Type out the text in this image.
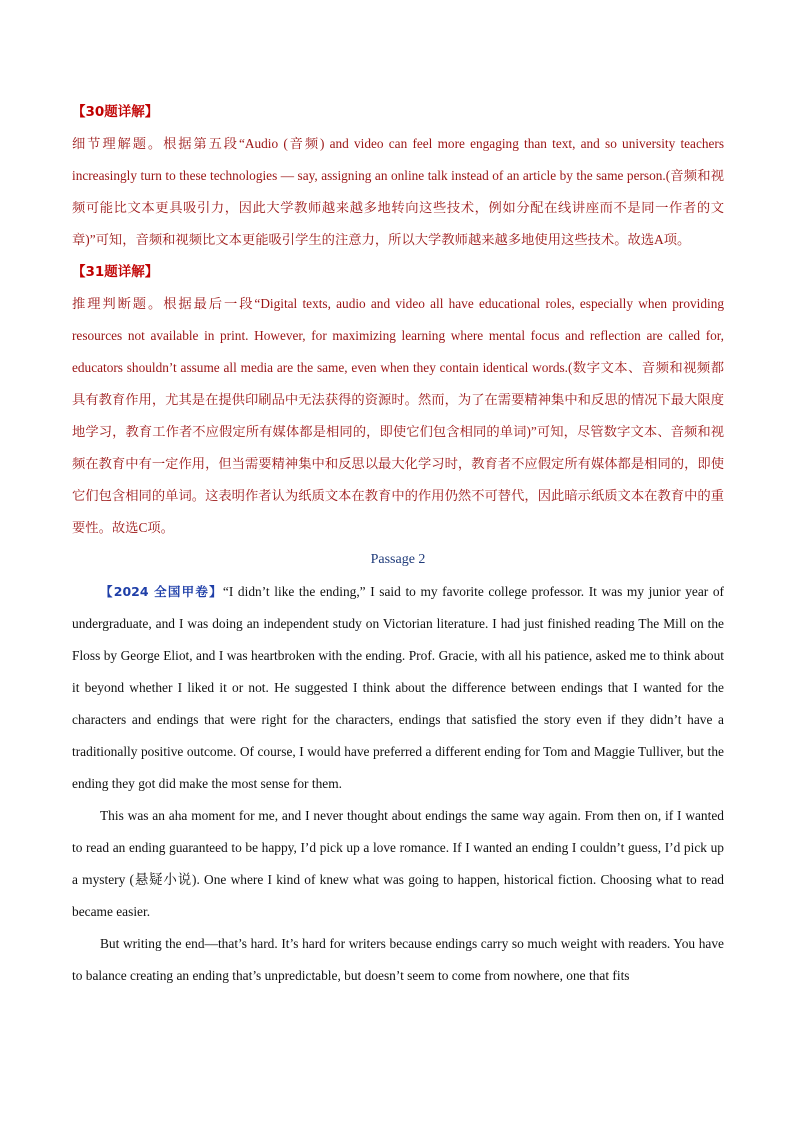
【30题详解】

细节理解题。根据第五段“Audio (音频) and video can feel more engaging than text, and so university teachers increasingly turn to these technologies — say, assigning an online talk instead of an article by the same person.(音频和视频可能比文本更具吸引力，因此大学教师越来越多地转向这些技术，例如分配在线讲座而不是同一作者的文章)”可知，音频和视频比文本更能吸引学生的注意力，所以大学教师越来越多地使用这些技术。故选A项。

【31题详解】

推理判断题。根据最后一段“Digital texts, audio and video all have educational roles, especially when providing resources not available in print. However, for maximizing learning where mental focus and reflection are called for, educators shouldn’t assume all media are the same, even when they contain identical words.(数字文本、音频和视频都具有教育作用，尤其是在提供印刷品中无法获得的资源时。然而，为了在需要精神集中和反思的情况下最大限度地学习，教育工作者不应假定所有媒体都是相同的，即使它们包含相同的单词)”可知，尽管数字文本、音频和视频在教育中有一定作用，但当需要精神集中和反思以最大化学习时，教育者不应假定所有媒体都是相同的，即使它们包含相同的单词。这表明作者认为纸质文本在教育中的作用仍然不可替代，因此暗示纸质文本在教育中的重要性。故选C项。

Passage 2

【2024 全国甲卷】“I didn’t like the ending,” I said to my favorite college professor. It was my junior year of undergraduate, and I was doing an independent study on Victorian literature. I had just finished reading The Mill on the Floss by George Eliot, and I was heartbroken with the ending. Prof. Gracie, with all his patience, asked me to think about it beyond whether I liked it or not. He suggested I think about the difference between endings that I wanted for the characters and endings that were right for the characters, endings that satisfied the story even if they didn’t have a traditionally positive outcome. Of course, I would have preferred a different ending for Tom and Maggie Tulliver, but the ending they got did make the most sense for them.

This was an aha moment for me, and I never thought about endings the same way again. From then on, if I wanted to read an ending guaranteed to be happy, I’d pick up a love romance. If I wanted an ending I couldn’t guess, I’d pick up a mystery (悬疑小说). One where I kind of knew what was going to happen, historical fiction. Choosing what to read became easier.

But writing the end—that’s hard. It’s hard for writers because endings carry so much weight with readers. You have to balance creating an ending that’s unpredictable, but doesn’t seem to come from nowhere, one that fits
